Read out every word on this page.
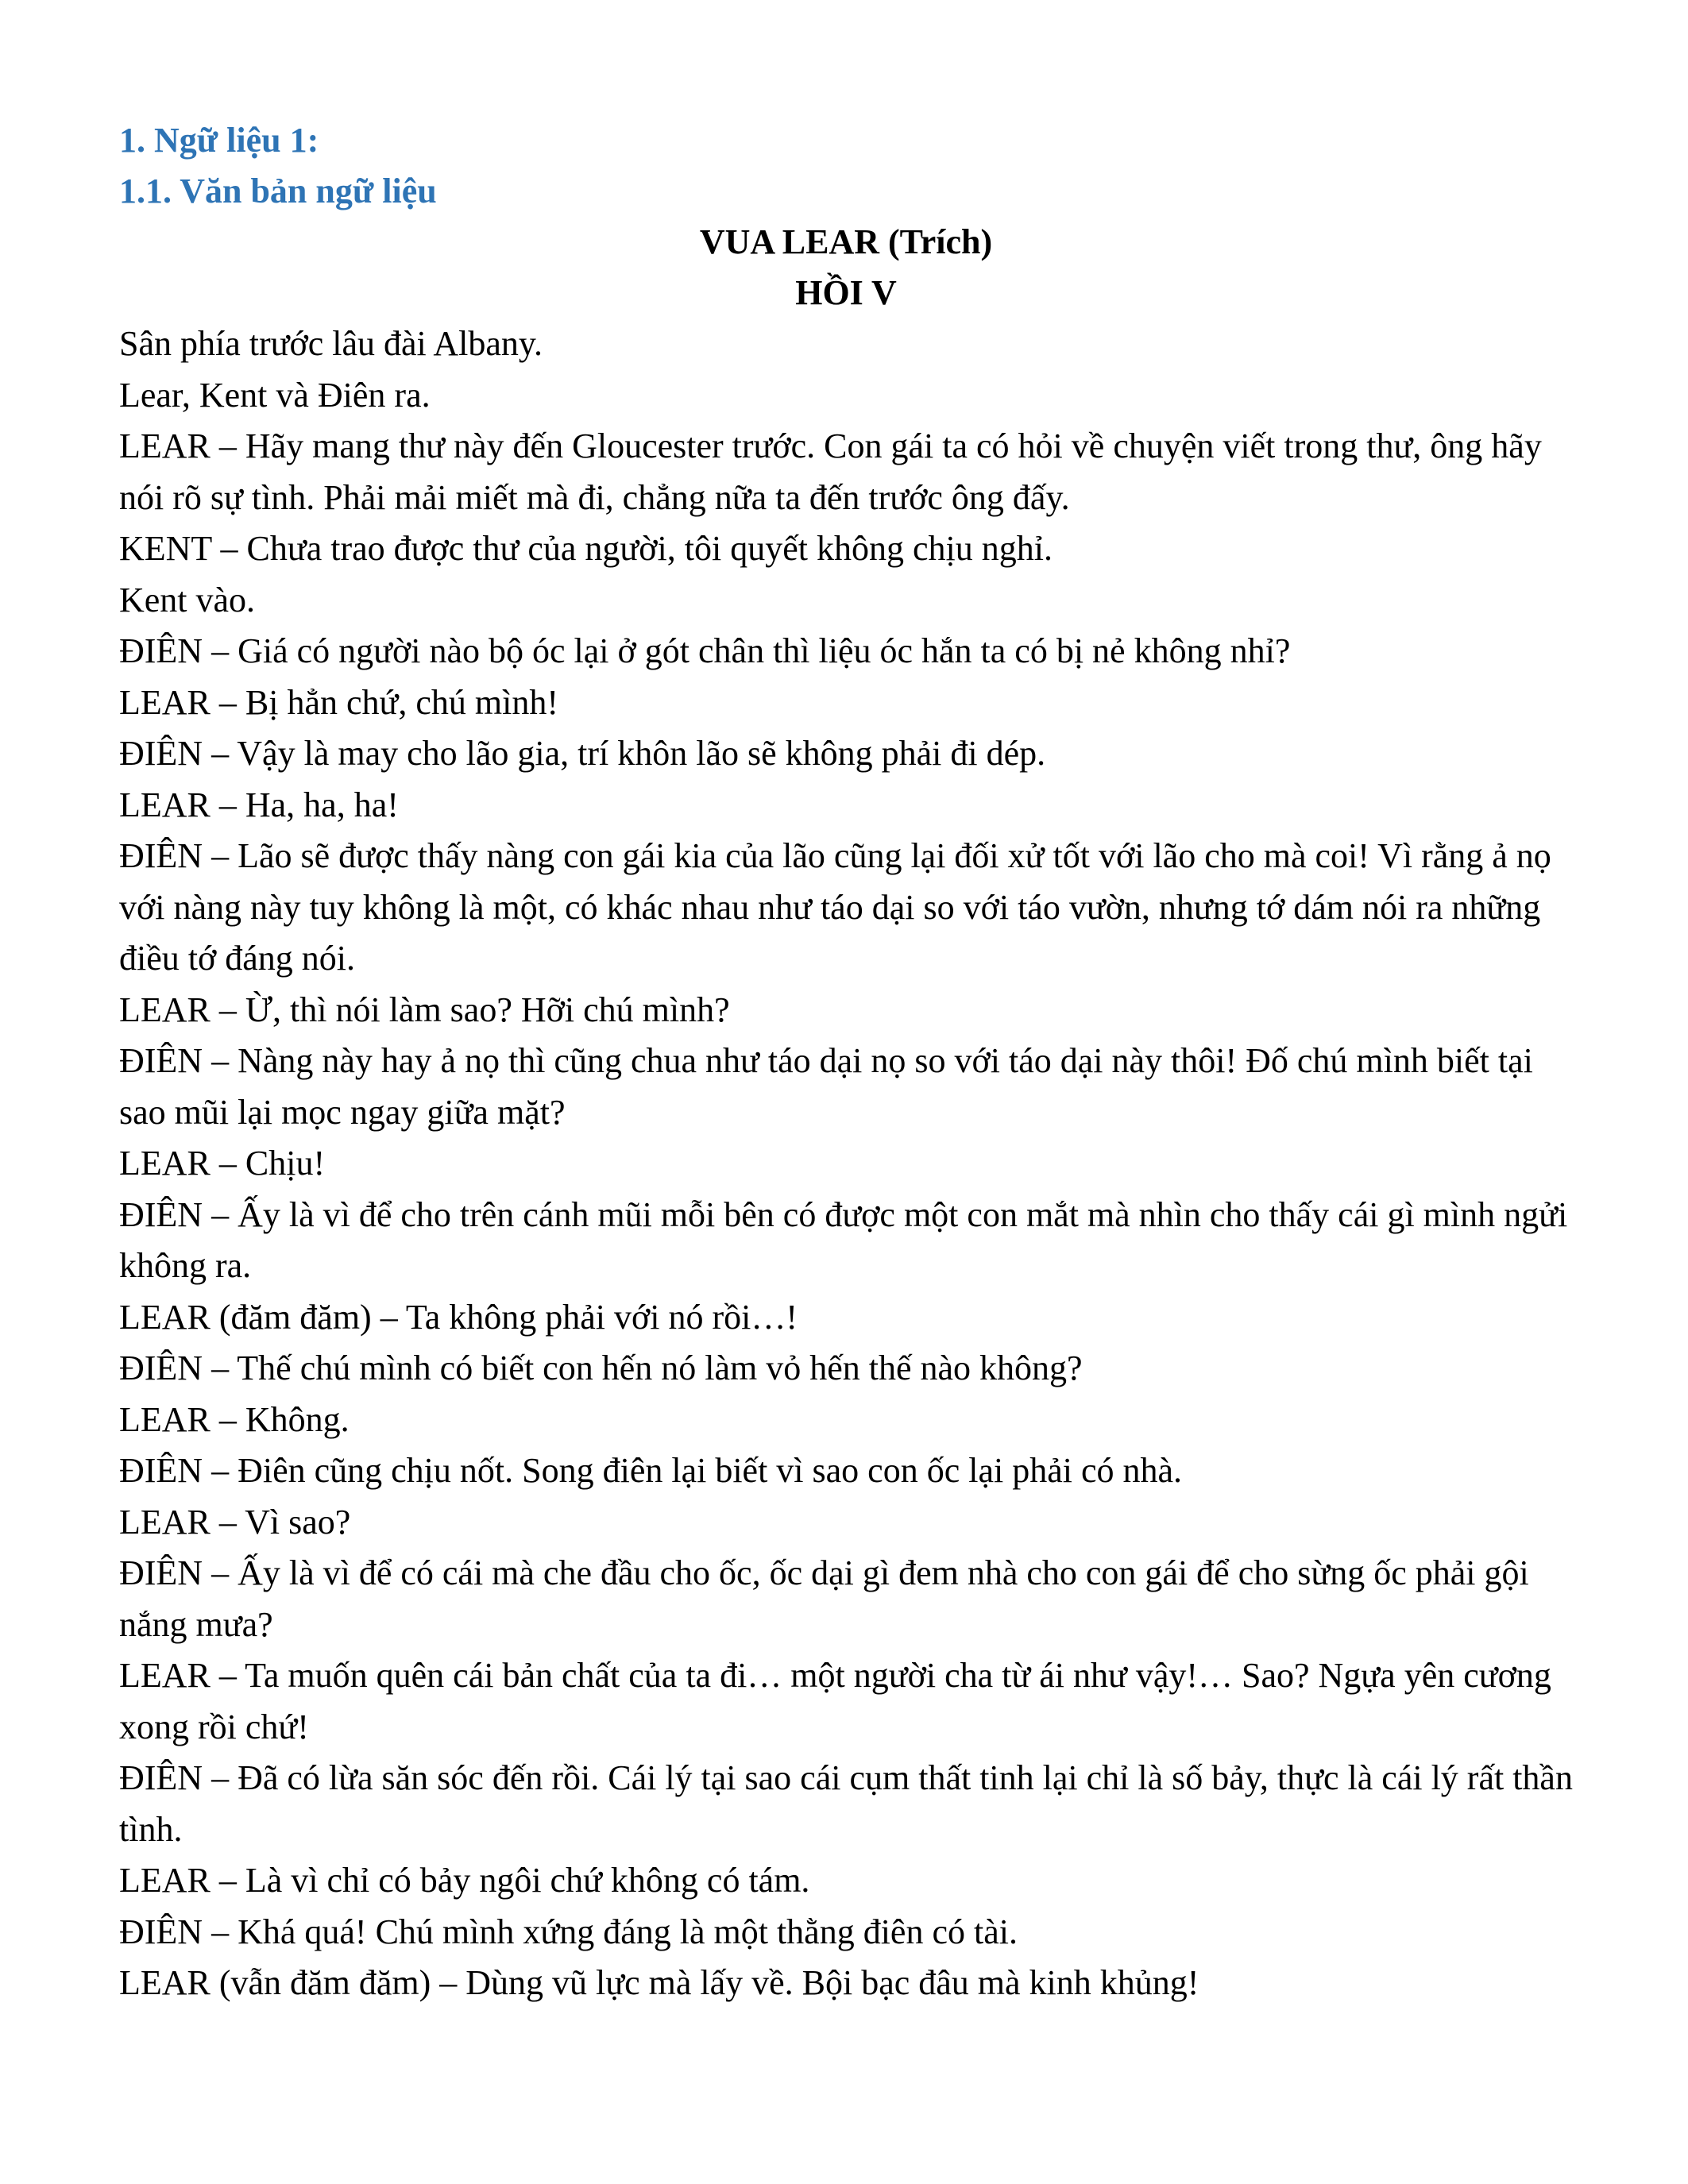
1. Ngữ liệu 1:

1.1. Văn bản ngữ liệu

VUA LEAR (Trích)

HỒI V

Sân phía trước lâu đài Albany.

Lear, Kent và Điên ra.

LEAR – Hãy mang thư này đến Gloucester trước. Con gái ta có hỏi về chuyện viết trong thư, ông hãy nói rõ sự tình. Phải mải miết mà đi, chẳng nữa ta đến trước ông đấy.

KENT – Chưa trao được thư của người, tôi quyết không chịu nghỉ.

Kent vào.

ĐIÊN – Giá có người nào bộ óc lại ở gót chân thì liệu óc hắn ta có bị nẻ không nhỉ?

LEAR – Bị hẳn chứ, chú mình!

ĐIÊN – Vậy là may cho lão gia, trí khôn lão sẽ không phải đi dép.

LEAR – Ha, ha, ha!

ĐIÊN – Lão sẽ được thấy nàng con gái kia của lão cũng lại đối xử tốt với lão cho mà coi! Vì rằng ả nọ với nàng này tuy không là một, có khác nhau như táo dại so với táo vườn, nhưng tớ dám nói ra những điều tớ đáng nói.

LEAR – Ừ, thì nói làm sao? Hỡi chú mình?

ĐIÊN – Nàng này hay ả nọ thì cũng chua như táo dại nọ so với táo dại này thôi! Đố chú mình biết tại sao mũi lại mọc ngay giữa mặt?

LEAR – Chịu!

ĐIÊN – Ấy là vì để cho trên cánh mũi mỗi bên có được một con mắt mà nhìn cho thấy cái gì mình ngửi không ra.

LEAR (đăm đăm) – Ta không phải với nó rồi…!

ĐIÊN – Thế chú mình có biết con hến nó làm vỏ hến thế nào không?

LEAR – Không.

ĐIÊN – Điên cũng chịu nốt. Song điên lại biết vì sao con ốc lại phải có nhà.

LEAR – Vì sao?

ĐIÊN – Ấy là vì để có cái mà che đầu cho ốc, ốc dại gì đem nhà cho con gái để cho sừng ốc phải gội nắng mưa?

LEAR – Ta muốn quên cái bản chất của ta đi… một người cha từ ái như vậy!… Sao? Ngựa yên cương xong rồi chứ!

ĐIÊN – Đã có lừa săn sóc đến rồi. Cái lý tại sao cái cụm thất tinh lại chỉ là số bảy, thực là cái lý rất thần tình.

LEAR – Là vì chỉ có bảy ngôi chứ không có tám.

ĐIÊN – Khá quá! Chú mình xứng đáng là một thằng điên có tài.

LEAR (vẫn đăm đăm) – Dùng vũ lực mà lấy về. Bội bạc đâu mà kinh khủng!
